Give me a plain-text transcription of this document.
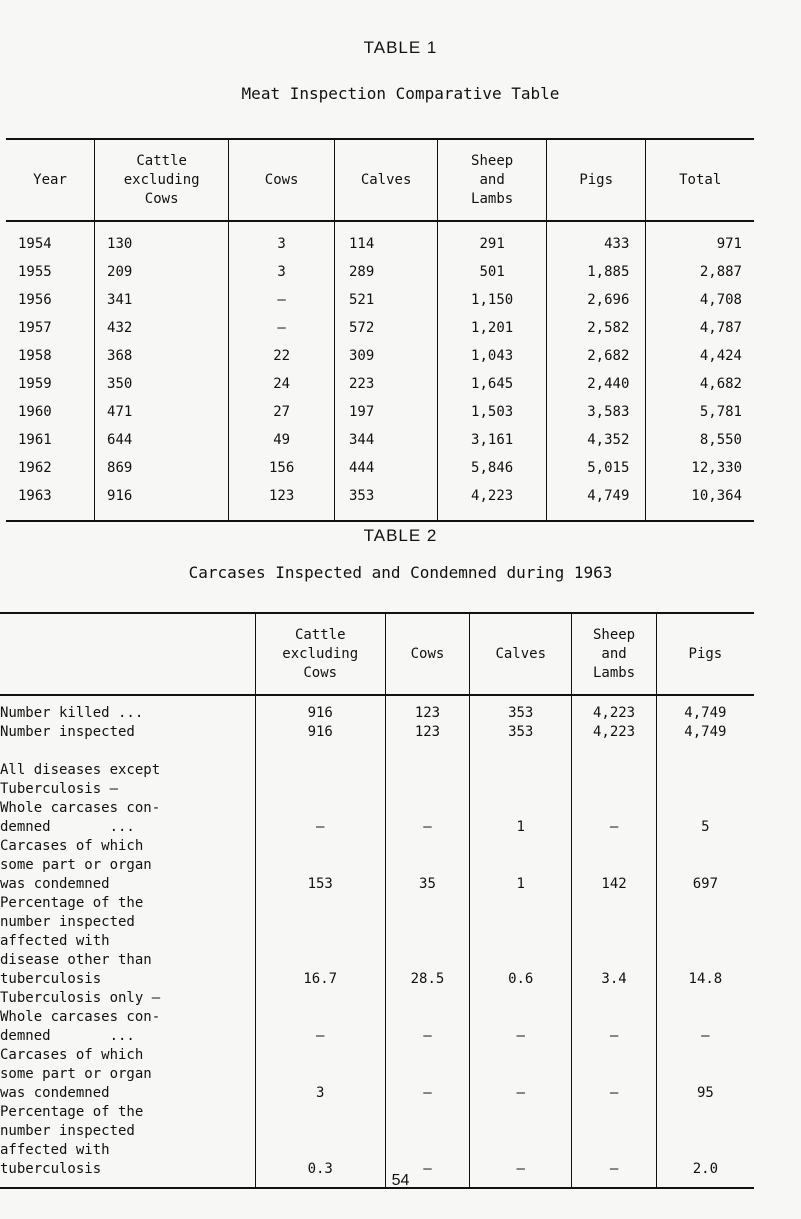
TABLE 1
Meat Inspection Comparative Table
Year	Cattle
excluding
Cows	Cows	Calves	Sheep
and
Lambs	Pigs	Total
1954	130	3	114	291	433	971
1955	209	3	289	501	1,885	2,887
1956	341	–	521	1,150	2,696	4,708
1957	432	–	572	1,201	2,582	4,787
1958	368	22	309	1,043	2,682	4,424
1959	350	24	223	1,645	2,440	4,682
1960	471	27	197	1,503	3,583	5,781
1961	644	49	344	3,161	4,352	8,550
1962	869	156	444	5,846	5,015	12,330
1963	916	123	353	4,223	4,749	10,364
TABLE 2
Carcases Inspected and Condemned during 1963
	Cattle
excluding
Cows	Cows	Calves	Sheep
and
Lambs	Pigs
Number killed ...	916	123	353	4,223	4,749
Number inspected	916	123	353	4,223	4,749

All diseases except
Tuberculosis –
Whole carcases con-
demned       ...	–	–	1	–	5
Carcases of which
some part or organ
was condemned	153	35	1	142	697
Percentage of the
number inspected
affected with
disease other than
tuberculosis	16.7	28.5	0.6	3.4	14.8
Tuberculosis only –
Whole carcases con-
demned       ...	–	–	–	–	–
Carcases of which
some part or organ
was condemned	3	–	–	–	95
Percentage of the
number inspected
affected with
tuberculosis	0.3	–	–	–	2.0
54
